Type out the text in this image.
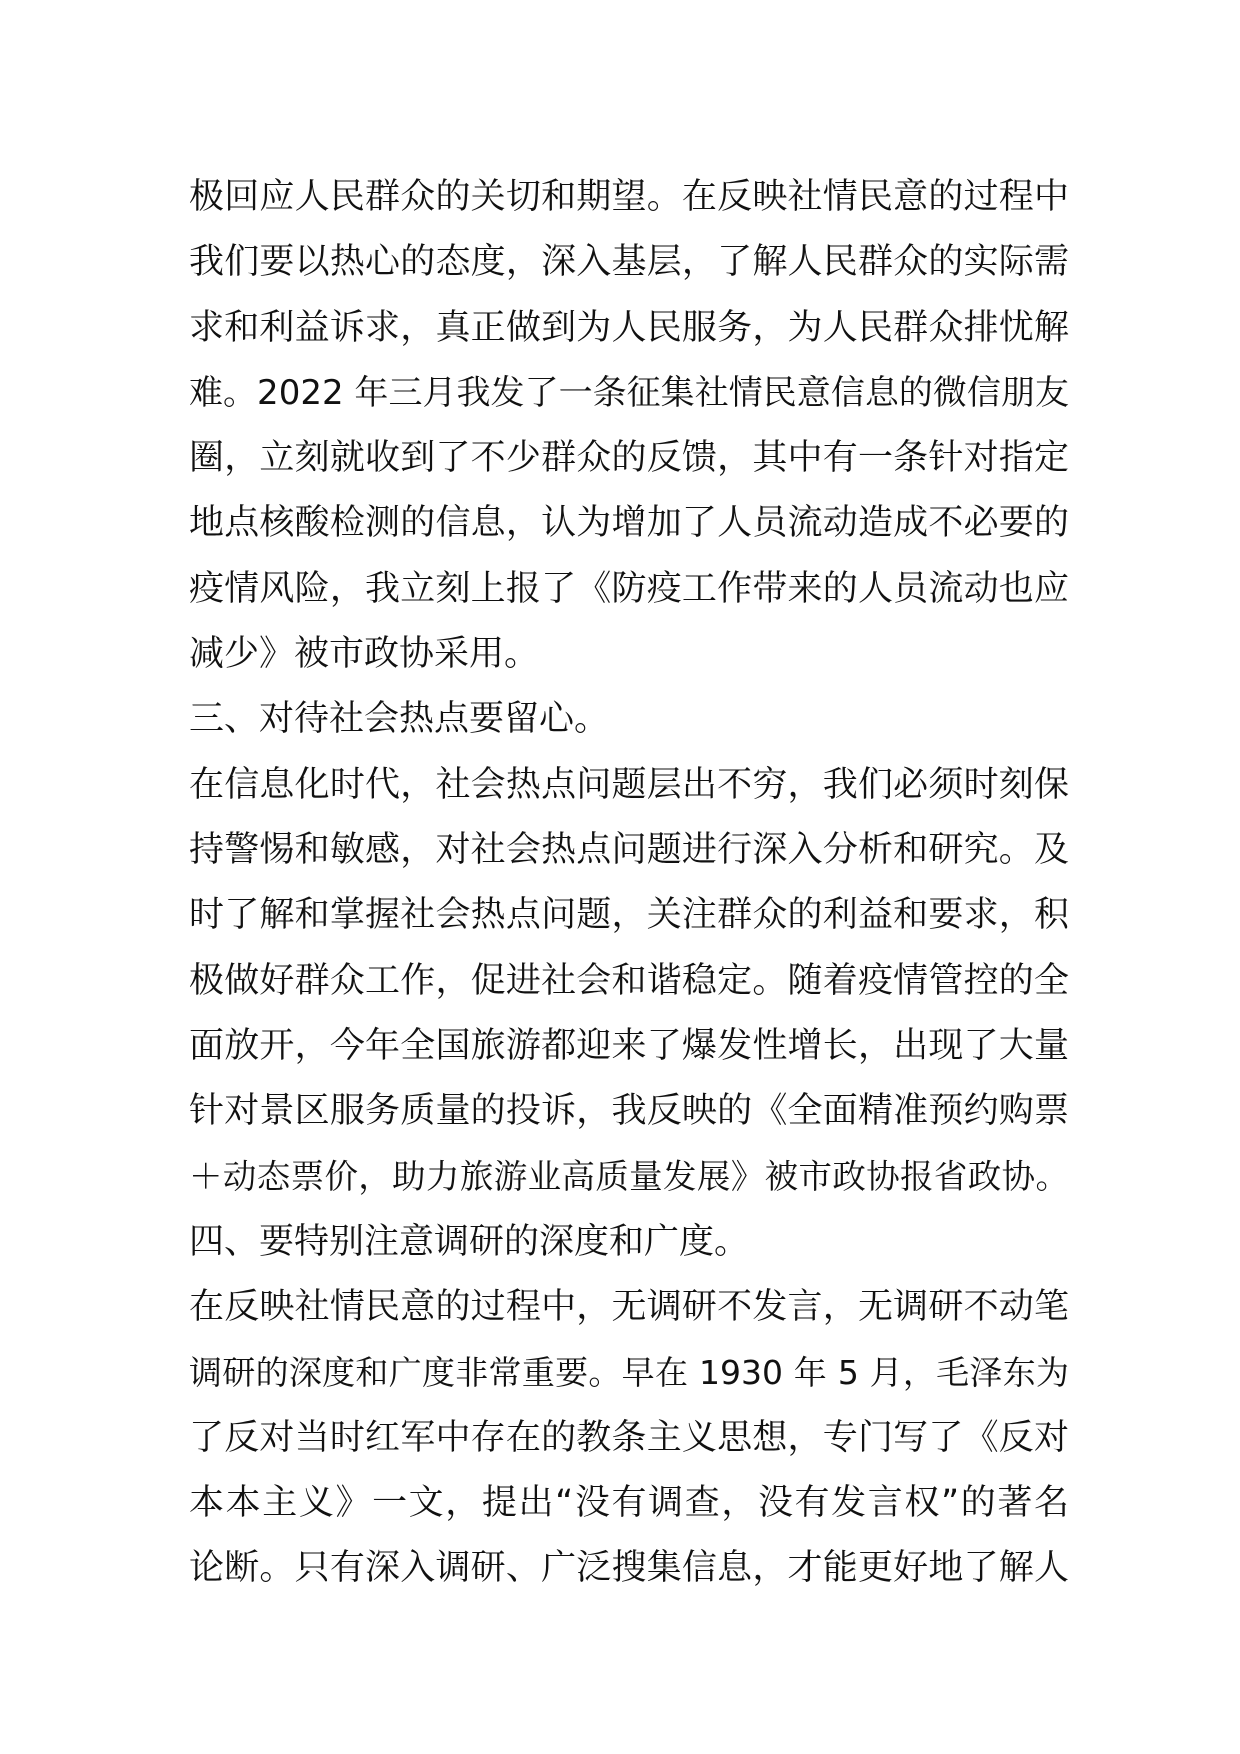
极回应人民群众的关切和期望。在反映社情民意的过程中
我们要以热心的态度，深入基层，了解人民群众的实际需
求和利益诉求，真正做到为人民服务，为人民群众排忧解
难。2022 年三月我发了一条征集社情民意信息的微信朋友
圈，立刻就收到了不少群众的反馈，其中有一条针对指定
地点核酸检测的信息，认为增加了人员流动造成不必要的
疫情风险，我立刻上报了《防疫工作带来的人员流动也应
减少》被市政协采用。
三、对待社会热点要留心。
在信息化时代，社会热点问题层出不穷，我们必须时刻保
持警惕和敏感，对社会热点问题进行深入分析和研究。及
时了解和掌握社会热点问题，关注群众的利益和要求，积
极做好群众工作，促进社会和谐稳定。随着疫情管控的全
面放开，今年全国旅游都迎来了爆发性增长，出现了大量
针对景区服务质量的投诉，我反映的《全面精准预约购票
＋动态票价，助力旅游业高质量发展》被市政协报省政协。
四、要特别注意调研的深度和广度。
在反映社情民意的过程中，无调研不发言，无调研不动笔
调研的深度和广度非常重要。早在 1930 年 5 月，毛泽东为
了反对当时红军中存在的教条主义思想，专门写了《反对
本本主义》一文，提出“没有调查，没有发言权”的著名
论断。只有深入调研、广泛搜集信息，才能更好地了解人
